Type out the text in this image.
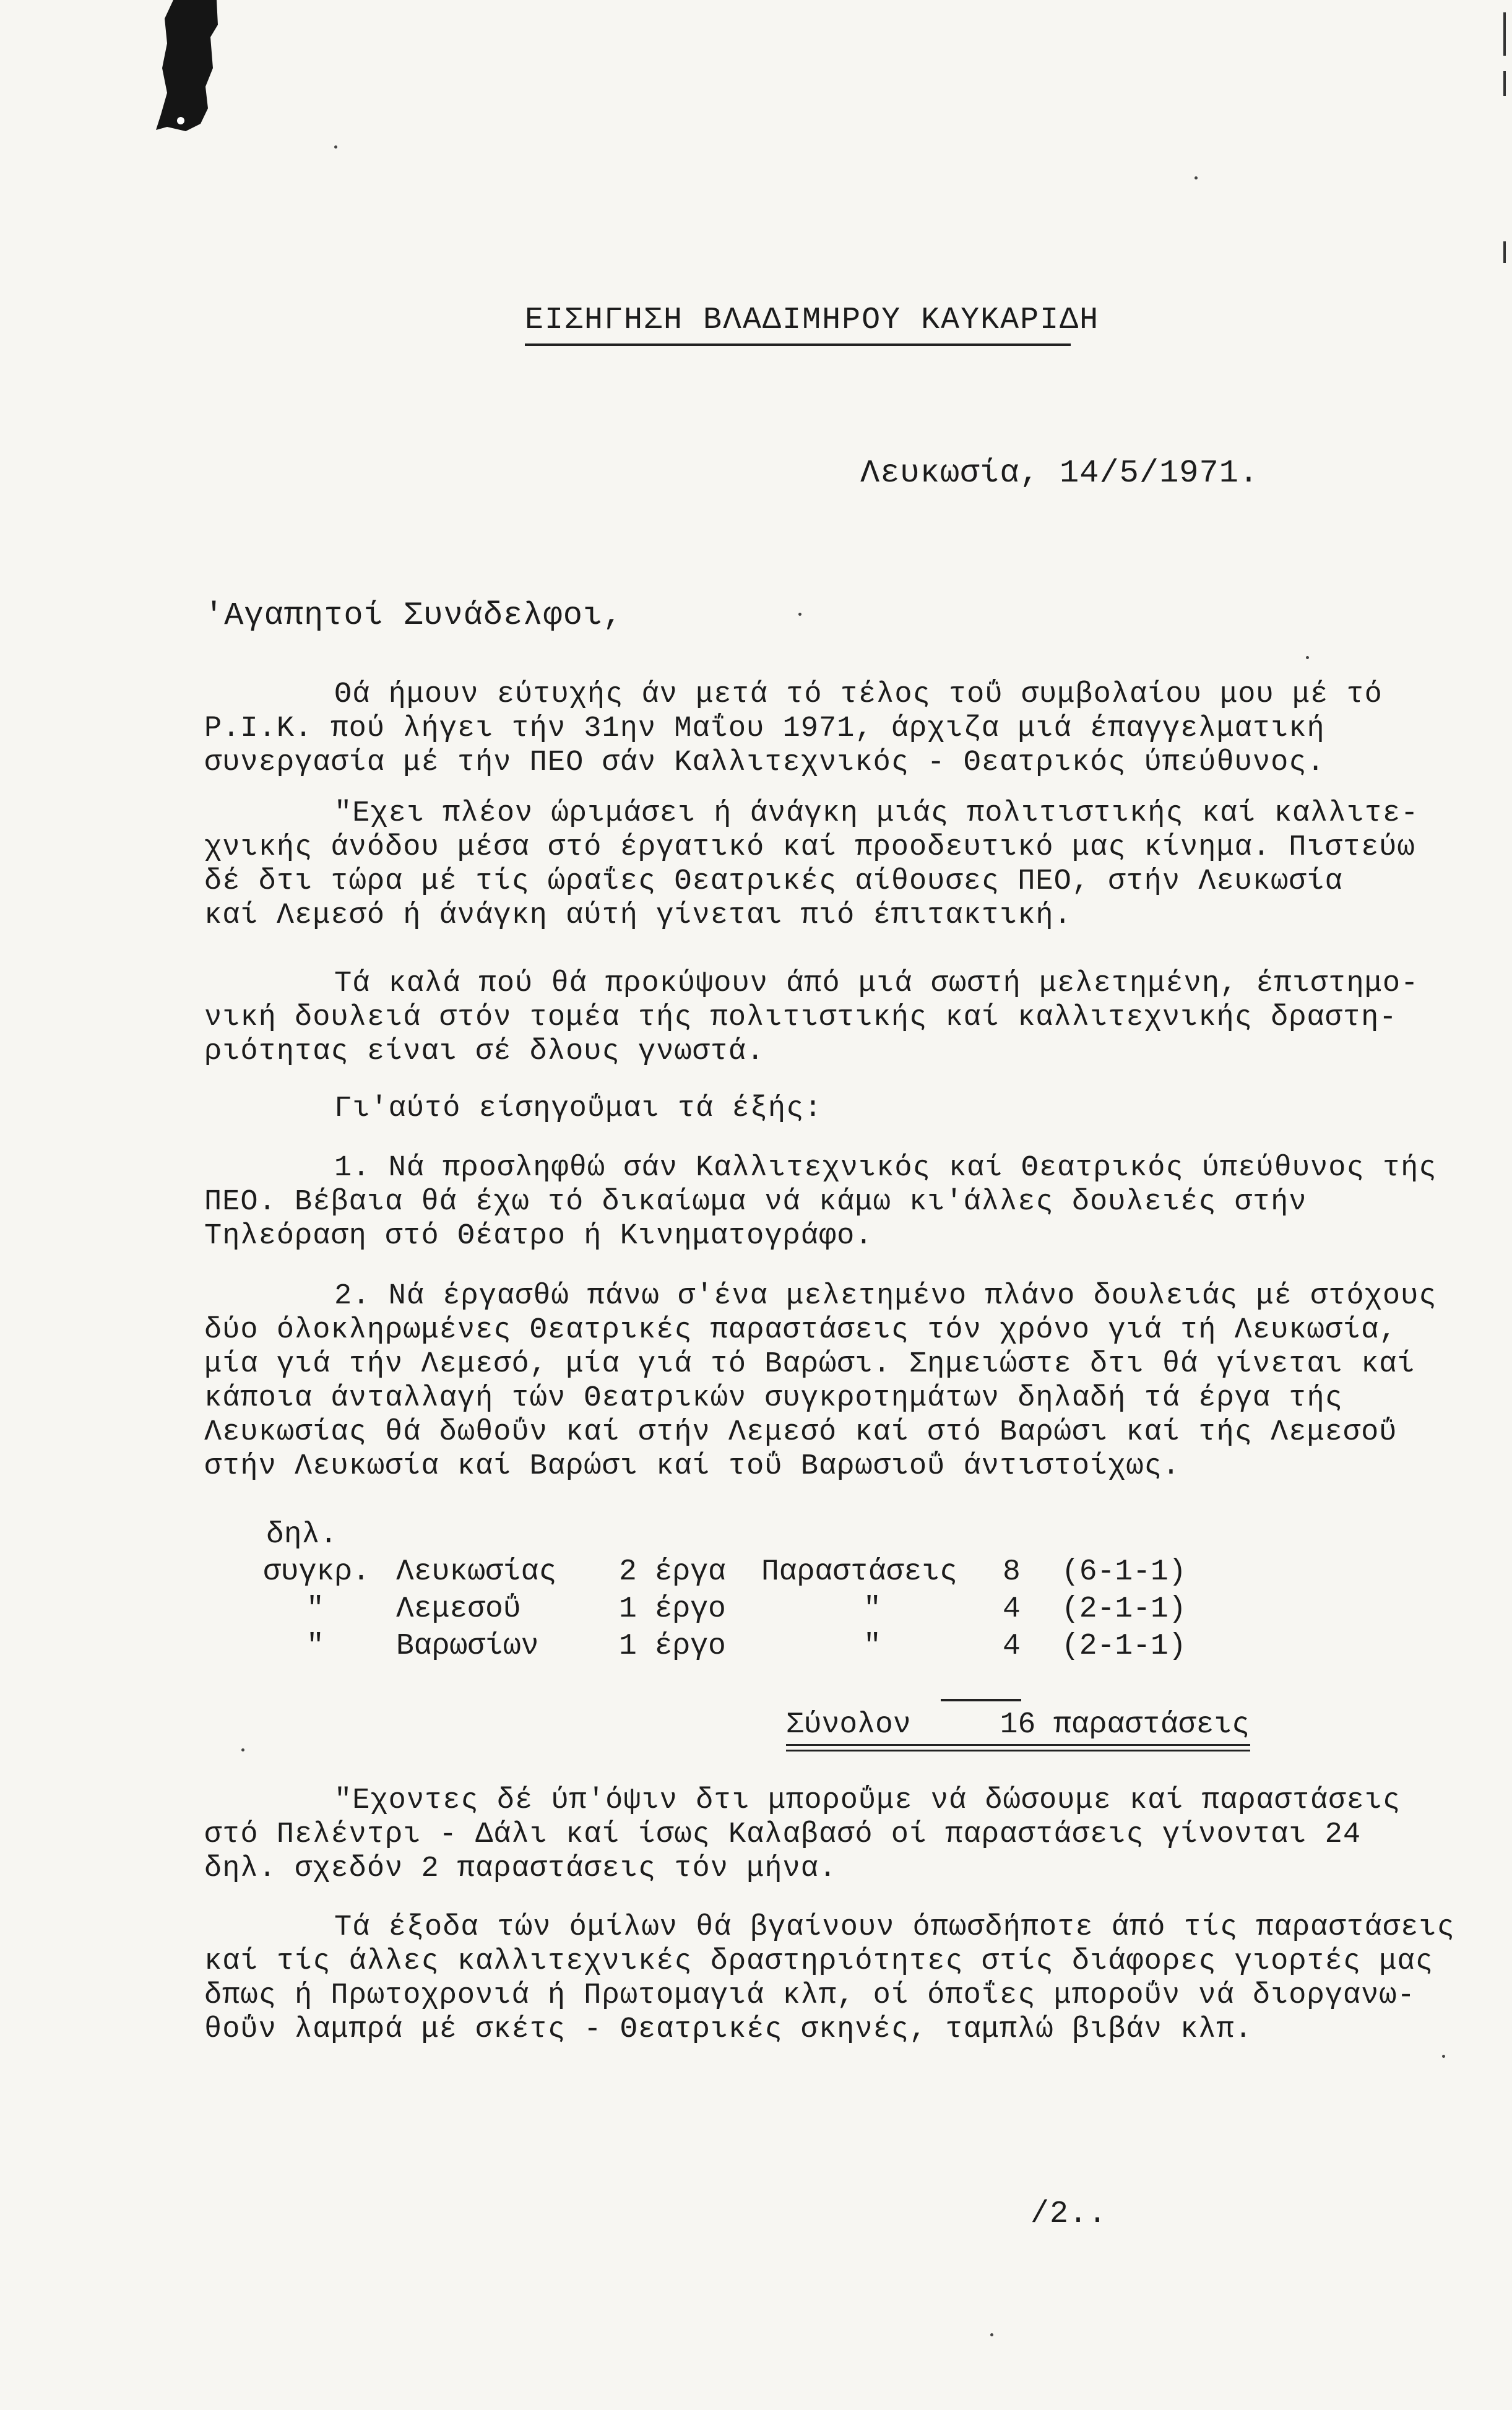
ΕΙΣΗΓΗΣΗ ΒΛΑΔΙΜΗΡΟΥ ΚΑΥΚΑΡΙΔΗ
Λευκωσία, 14/5/1971.
'Αγαπητοί Συνάδελφοι,
Θά ήμουν εύτυχής άν μετά τό τέλος τοΰ συμβολαίου μου μέ τό
Ρ.Ι.Κ. πού λήγει τήν 31ην Μαΐου 1971, άρχιζα μιά έπαγγελματική
συνεργασία μέ τήν ΠΕΟ σάν Καλλιτεχνικός - Θεατρικός ύπεύθυνος.
"Εχει πλέον ώριμάσει ή άνάγκη μιάς πολιτιστικής καί καλλιτε-
χνικής άνόδου μέσα στό έργατικό καί προοδευτικό μας κίνημα. Πιστεύω
δέ δτι τώρα μέ τίς ώραΐες Θεατρικές αίθουσες ΠΕΟ, στήν Λευκωσία
καί Λεμεσό ή άνάγκη αύτή γίνεται πιό έπιτακτική.
Τά καλά πού θά προκύψουν άπό μιά σωστή μελετημένη, έπιστημο-
νική δουλειά στόν τομέα τής πολιτιστικής καί καλλιτεχνικής δραστη-
ριότητας είναι σέ δλους γνωστά.
Γι'αύτό είσηγοΰμαι τά έξής:
1. Νά προσληφθώ σάν Καλλιτεχνικός καί Θεατρικός ύπεύθυνος τής
ΠΕΟ. Βέβαια θά έχω τό δικαίωμα νά κάμω κι'άλλες δουλειές στήν
Τηλεόραση στό Θέατρο ή Κινηματογράφο.
2. Νά έργασθώ πάνω σ'ένα μελετημένο πλάνο δουλειάς μέ στόχους
δύο όλοκληρωμένες Θεατρικές παραστάσεις τόν χρόνο γιά τή Λευκωσία,
μία γιά τήν Λεμεσό, μία γιά τό Βαρώσι. Σημειώστε δτι θά γίνεται καί
κάποια άνταλλαγή τών Θεατρικών συγκροτημάτων δηλαδή τά έργα τής
Λευκωσίας θά δωθοΰν καί στήν Λεμεσό καί στό Βαρώσι καί τής Λεμεσοΰ
στήν Λευκωσία καί Βαρώσι καί τοΰ Βαρωσιοΰ άντιστοίχως.
δηλ.
συγκρ. Λευκωσίας 2 έργα Παραστάσεις 8 (6-1-1)
" Λεμεσοΰ	1 έργο	"	4 (2-1-1)
" Βαρωσίων	1 έργο	"	4 (2-1-1)
Σύνολον     16 παραστάσεις
"Εχοντες δέ ύπ'όψιν δτι μποροΰμε νά δώσουμε καί παραστάσεις
στό Πελέντρι - Δάλι καί ίσως Καλαβασό οί παραστάσεις γίνονται 24
δηλ. σχεδόν 2 παραστάσεις τόν μήνα.
Τά έξοδα τών όμίλων θά βγαίνουν όπωσδήποτε άπό τίς παραστάσεις
καί τίς άλλες καλλιτεχνικές δραστηριότητες στίς διάφορες γιορτές μας
δπως ή Πρωτοχρονιά ή Πρωτομαγιά κλπ, οί όποΐες μποροΰν νά διοργανω-
θοΰν λαμπρά μέ σκέτς - Θεατρικές σκηνές, ταμπλώ βιβάν κλπ.
/2..
